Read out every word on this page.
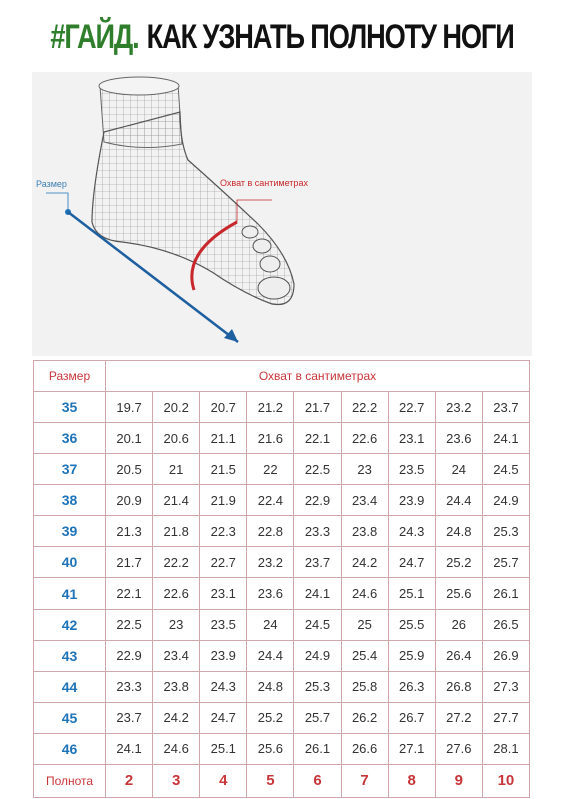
#ГАЙД. КАК УЗНАТЬ ПОЛНОТУ НОГИ
Размер	Охват в сантиметрах
Размер	Охват в сантиметрах								
35	19.7	20.2	20.7	21.2	21.7	22.2	22.7	23.2	23.7
36	20.1	20.6	21.1	21.6	22.1	22.6	23.1	23.6	24.1
37	20.5	21	21.5	22	22.5	23	23.5	24	24.5
38	20.9	21.4	21.9	22.4	22.9	23.4	23.9	24.4	24.9
39	21.3	21.8	22.3	22.8	23.3	23.8	24.3	24.8	25.3
40	21.7	22.2	22.7	23.2	23.7	24.2	24.7	25.2	25.7
41	22.1	22.6	23.1	23.6	24.1	24.6	25.1	25.6	26.1
42	22.5	23	23.5	24	24.5	25	25.5	26	26.5
43	22.9	23.4	23.9	24.4	24.9	25.4	25.9	26.4	26.9
44	23.3	23.8	24.3	24.8	25.3	25.8	26.3	26.8	27.3
45	23.7	24.2	24.7	25.2	25.7	26.2	26.7	27.2	27.7
46	24.1	24.6	25.1	25.6	26.1	26.6	27.1	27.6	28.1
Полнота	2	3	4	5	6	7	8	9	10
